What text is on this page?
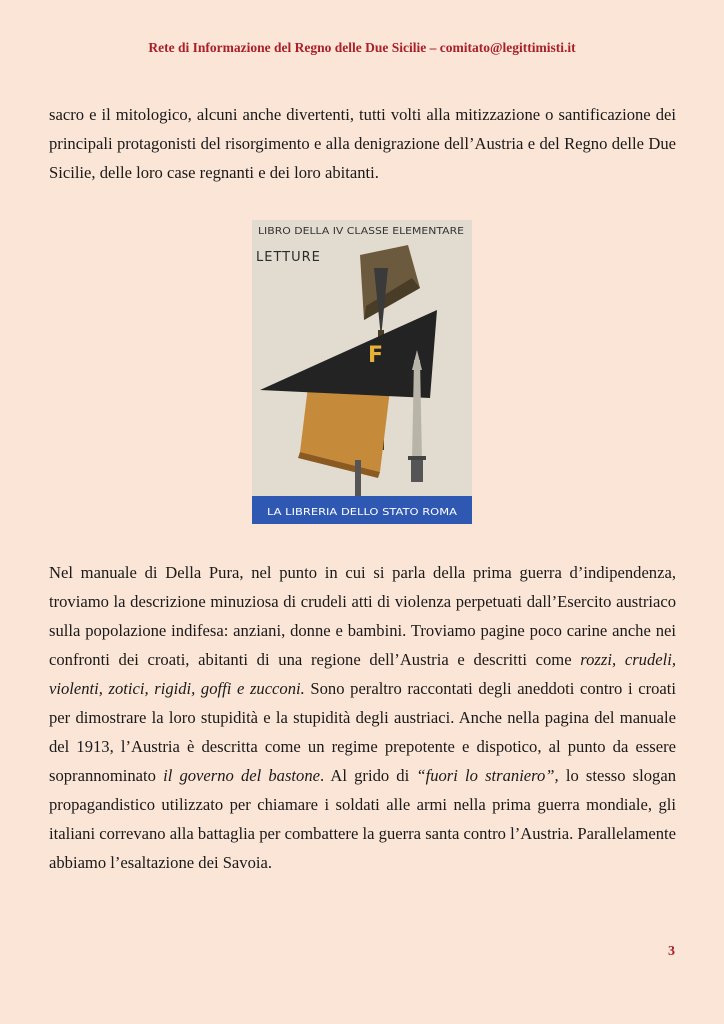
Rete di Informazione del Regno delle Due Sicilie – comitato@legittimisti.it

sacro e il mitologico, alcuni anche divertenti, tutti volti alla mitizzazione o santificazione dei principali protagonisti del risorgimento e alla denigrazione dell’Austria e del Regno delle Due Sicilie, delle loro case regnanti e dei loro abitanti.

LIBRO DELLA IV CLASSE ELEMENTARE
LETTURE
F
LA LIBRERIA DELLO STATO ROMA

Nel manuale di Della Pura, nel punto in cui si parla della prima guerra d’indipendenza, troviamo la descrizione minuziosa di crudeli atti di violenza perpetuati dall’Esercito austriaco sulla popolazione indifesa: anziani, donne e bambini. Troviamo pagine poco carine anche nei confronti dei croati, abitanti di una regione dell’Austria e descritti come rozzi, crudeli, violenti, zotici, rigidi, goffi e zucconi. Sono peraltro raccontati degli aneddoti contro i croati per dimostrare la loro stupidità e la stupidità degli austriaci. Anche nella pagina del manuale del 1913, l’Austria è descritta come un regime prepotente e dispotico, al punto da essere soprannominato il governo del bastone. Al grido di “fuori lo straniero”, lo stesso slogan propagandistico utilizzato per chiamare i soldati alle armi nella prima guerra mondiale, gli italiani correvano alla battaglia per combattere la guerra santa contro l’Austria. Parallelamente abbiamo l’esaltazione dei Savoia.

3
